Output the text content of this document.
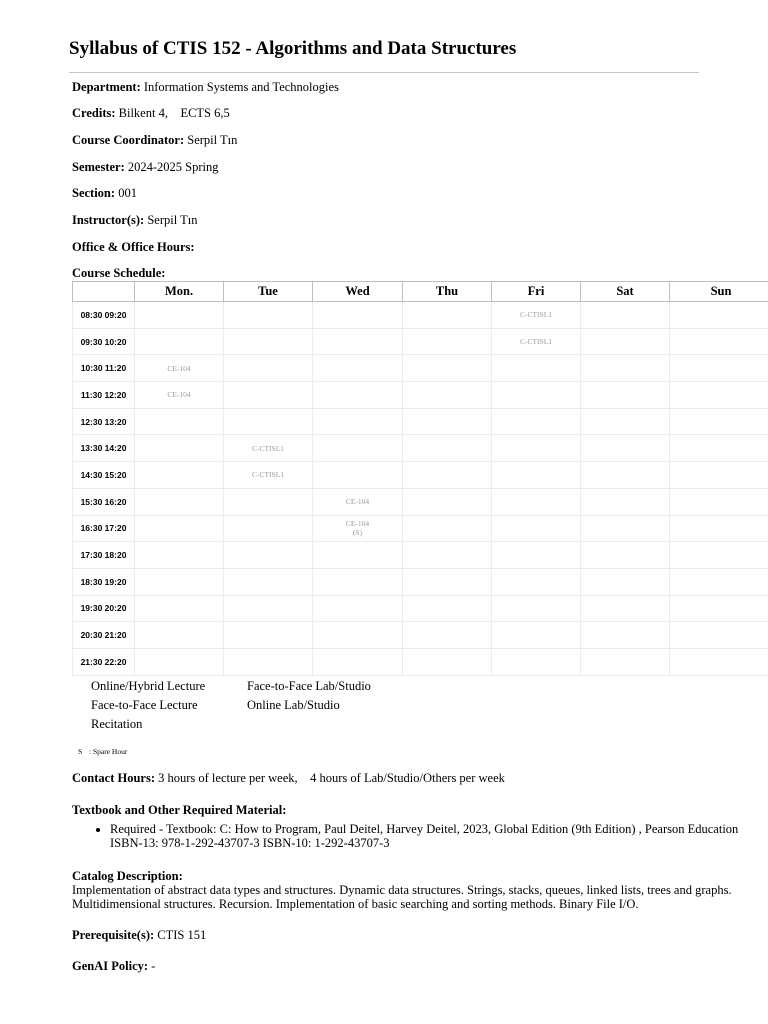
Syllabus of CTIS 152 - Algorithms and Data Structures
Department: Information Systems and Technologies
Credits: Bilkent 4,    ECTS 6,5
Course Coordinator: Serpil Tın
Semester: 2024-2025 Spring
Section: 001
Instructor(s): Serpil Tın
Office & Office Hours:
Course Schedule:
	Mon.	Tue	Wed	Thu	Fri	Sat	Sun
08:30 09:20					C-CTISL1		

09:30 10:20					C-CTISL1		

10:30 11:20	CE-104						

11:30 12:20	CE-104						

12:30 13:20							
13:30 14:20		C-CTISL1					

14:30 15:20		C-CTISL1					

15:30 16:20			CE-104				

16:30 17:20			CE-104
(S)				

17:30 18:20							
18:30 19:20							
19:30 20:20							
20:30 21:20							
21:30 22:20							
Online/Hybrid Lecture	Face-to-Face Lab/Studio
Face-to-Face Lecture	Online Lab/Studio
Recitation
S : Spare Hour
Contact Hours: 3 hours of lecture per week,    4 hours of Lab/Studio/Others per week
Textbook and Other Required Material:
• Required - Textbook: C: How to Program, Paul Deitel, Harvey Deitel, 2023, Global Edition (9th Edition) , Pearson Education
ISBN-13: 978-1-292-43707-3 ISBN-10: 1-292-43707-3
Catalog Description:
Implementation of abstract data types and structures. Dynamic data structures. Strings, stacks, queues, linked lists, trees and graphs.
Multidimensional structures. Recursion. Implementation of basic searching and sorting methods. Binary File I/O.
Prerequisite(s): CTIS 151
GenAI Policy: -
